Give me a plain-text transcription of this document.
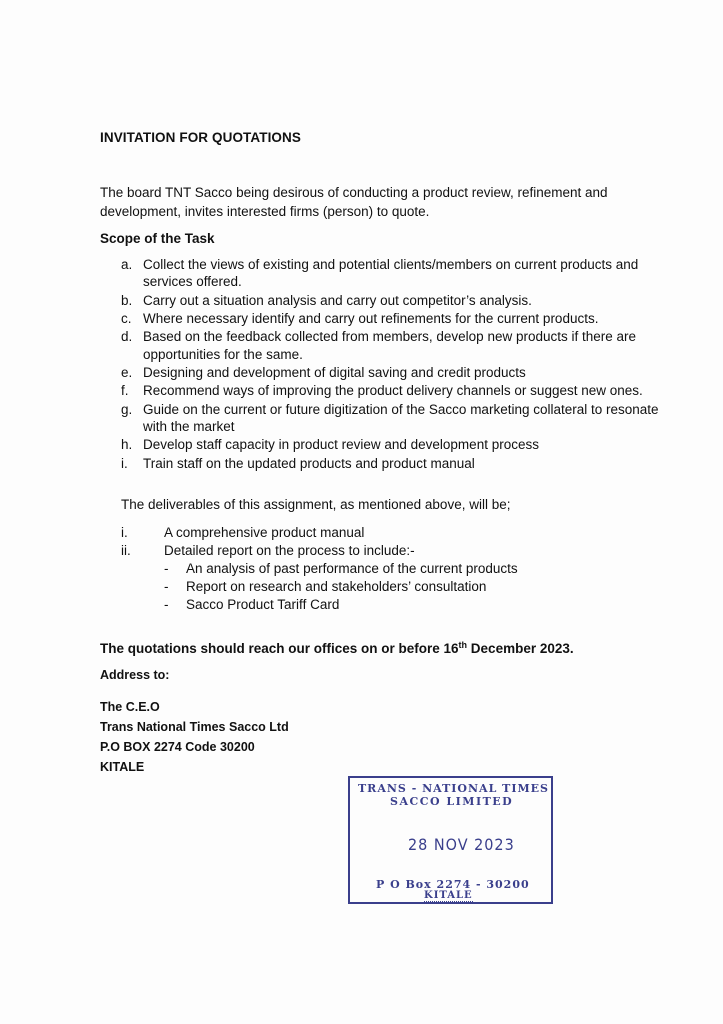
INVITATION FOR QUOTATIONS
The board TNT Sacco being desirous of conducting a product review, refinement and development, invites interested firms (person) to quote.
Scope of the Task
a. Collect the views of existing and potential clients/members on current products and services offered.
b. Carry out a situation analysis and carry out competitor’s analysis.
c. Where necessary identify and carry out refinements for the current products.
d. Based on the feedback collected from members, develop new products if there are opportunities for the same.
e. Designing and development of digital saving and credit products
f. Recommend ways of improving the product delivery channels or suggest new ones.
g. Guide on the current or future digitization of the Sacco marketing collateral to resonate with the market
h. Develop staff capacity in product review and development process
i. Train staff on the updated products and product manual
The deliverables of this assignment, as mentioned above, will be;
i.	A comprehensive product manual
ii. Detailed report on the process to include:-
- An analysis of past performance of the current products
- Report on research and stakeholders’ consultation
- Sacco Product Tariff Card
The quotations should reach our offices on or before 16th December 2023.
Address to:
The C.E.O
Trans National Times Sacco Ltd
P.O BOX 2274 Code 30200
KITALE
TRANS - NATIONAL TIMES
SACCO LIMITED
28 NOV 2023
P O Box 2274 - 30200
KITALE
